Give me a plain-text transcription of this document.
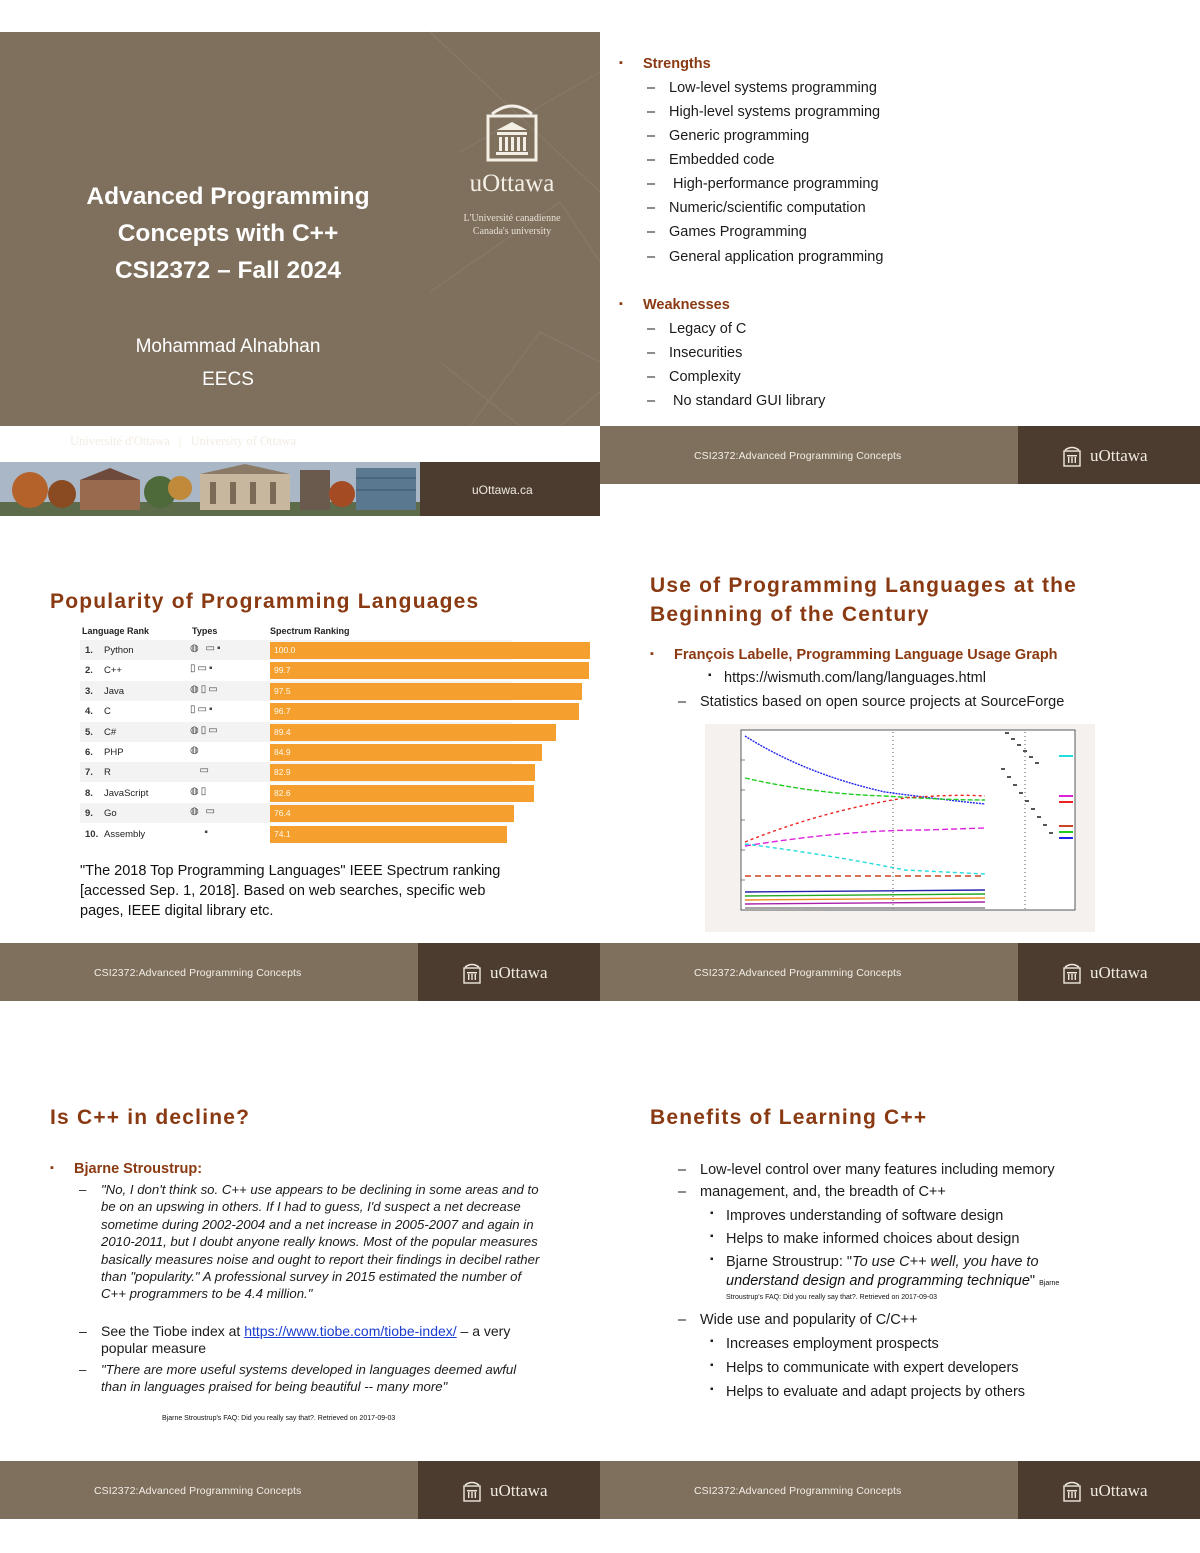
Advanced Programming
Concepts with C++
CSI2372 – Fall 2024
Mohammad Alnabhan
EECS
uOttawa
L'Université canadienne
Canada's university
Université d'Ottawa | University of Ottawa
uOttawa.ca
▪ Strengths
– Low-level systems programming
– High-level systems programming
– Generic programming
– Embedded code
–  High-performance programming
– Numeric/scientific computation
– Games Programming
– General application programming
▪ Weaknesses
– Legacy of C
– Insecurities
– Complexity
–  No standard GUI library
CSI2372:Advanced Programming Concepts	uOttawa
Popularity of Programming Languages
CSI2372:Advanced Programming Concepts	uOttawa
Language Rank	Types	Spectrum Ranking
1. Python	◍ ▭▪	100.0
2. C++	▯▭▪	99.7
3. Java	◍▯▭	97.5
4. C	▯▭▪	96.7
5. C#	◍▯▭	89.4
6. PHP	◍	84.9
7. R	▭	82.9
8. JavaScript	◍▯	82.6
9. Go	◍ ▭	76.4
10. Assembly	▪	74.1
"The 2018 Top Programming Languages" IEEE Spectrum ranking [accessed Sep. 1, 2018]. Based on web searches, specific web pages, IEEE digital library etc.
Use of Programming Languages at the
Beginning of the Century
▪ François Labelle, Programming Language Usage Graph
▪ https://wismuth.com/lang/languages.html
– Statistics based on open source projects at SourceForge
CSI2372:Advanced Programming Concepts	uOttawa
Is C++ in decline?
▪ Bjarne Stroustrup:
– "No, I don't think so. C++ use appears to be declining in some areas and to be on an upswing in others. If I had to guess, I'd suspect a net decrease sometime during 2002-2004 and a net increase in 2005-2007 and again in 2010-2011, but I doubt anyone really knows. Most of the popular measures basically measures noise and ought to report their findings in decibel rather than "popularity." A professional survey in 2015 estimated the number of C++ programmers to be 4.4 million."
– See the Tiobe index at https://www.tiobe.com/tiobe-index/ – a very popular measure
– "There are more useful systems developed in languages deemed awful than in languages praised for being beautiful -- many more"
Bjarne Stroustrup's FAQ: Did you really say that?. Retrieved on 2017-09-03
CSI2372:Advanced Programming Concepts	uOttawa
Benefits of Learning C++
– Low-level control over many features including memory
– management, and, the breadth of C++
▪ Improves understanding of software design
▪ Helps to make informed choices about design
▪ Bjarne Stroustrup: "To use C++ well, you have to
understand design and programming technique" Bjarne
Stroustrup's FAQ: Did you really say that?. Retrieved on 2017-09-03
– Wide use and popularity of C/C++
▪ Increases employment prospects
▪ Helps to communicate with expert developers
▪ Helps to evaluate and adapt projects by others
CSI2372:Advanced Programming Concepts	uOttawa
